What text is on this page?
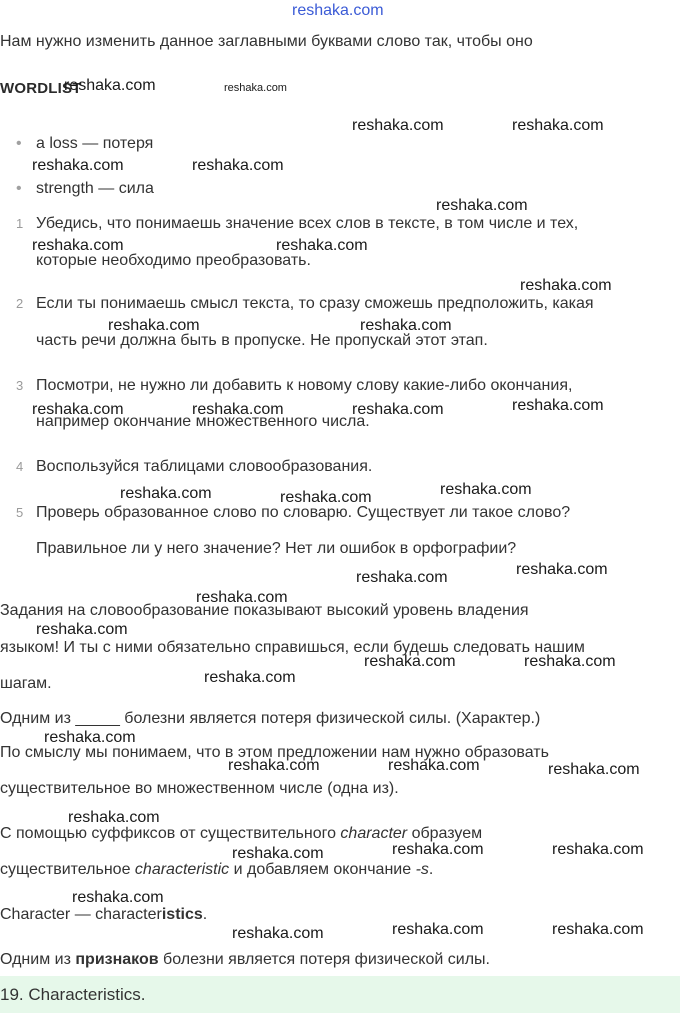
reshaka.com
Нам нужно изменить данное заглавными буквами слово так, чтобы оно
WORDLIST
• a loss — потеря
• strength — сила
1 Убедись, что понимаешь значение всех слов в тексте, в том числе и тех,
которые необходимо преобразовать.
2 Если ты понимаешь смысл текста, то сразу сможешь предположить, какая
часть речи должна быть в пропуске. Не пропускай этот этап.
3 Посмотри, не нужно ли добавить к новому слову какие-либо окончания,
например окончание множественного числа.
4 Воспользуйся таблицами словообразования.
5 Проверь образованное слово по словарю. Существует ли такое слово?
Правильное ли у него значение? Нет ли ошибок в орфографии?
Задания на словообразование показывают высокий уровень владения
языком! И ты с ними обязательно справишься, если будешь следовать нашим
шагам.
Одним из _____ болезни является потеря физической силы. (Характер.)
По смыслу мы понимаем, что в этом предложении нам нужно образовать
существительное во множественном числе (одна из).
С помощью суффиксов от существительного character образуем
существительное characteristic и добавляем окончание -s.
Character — characteristics.
Одним из признаков болезни является потеря физической силы.
19. Characteristics.
reshaka.com	reshaka.com
reshaka.com	reshaka.com
reshaka.com	reshaka.com
reshaka.com
reshaka.com	reshaka.com
reshaka.com
reshaka.com	reshaka.com
reshaka.com	reshaka.com	reshaka.com	reshaka.com
reshaka.com	reshaka.com	reshaka.com
reshaka.com	reshaka.com
reshaka.com
reshaka.com
reshaka.com	reshaka.com
reshaka.com
reshaka.com
reshaka.com	reshaka.com	reshaka.com
reshaka.com
reshaka.com	reshaka.com	reshaka.com
reshaka.com
reshaka.com	reshaka.com	reshaka.com
